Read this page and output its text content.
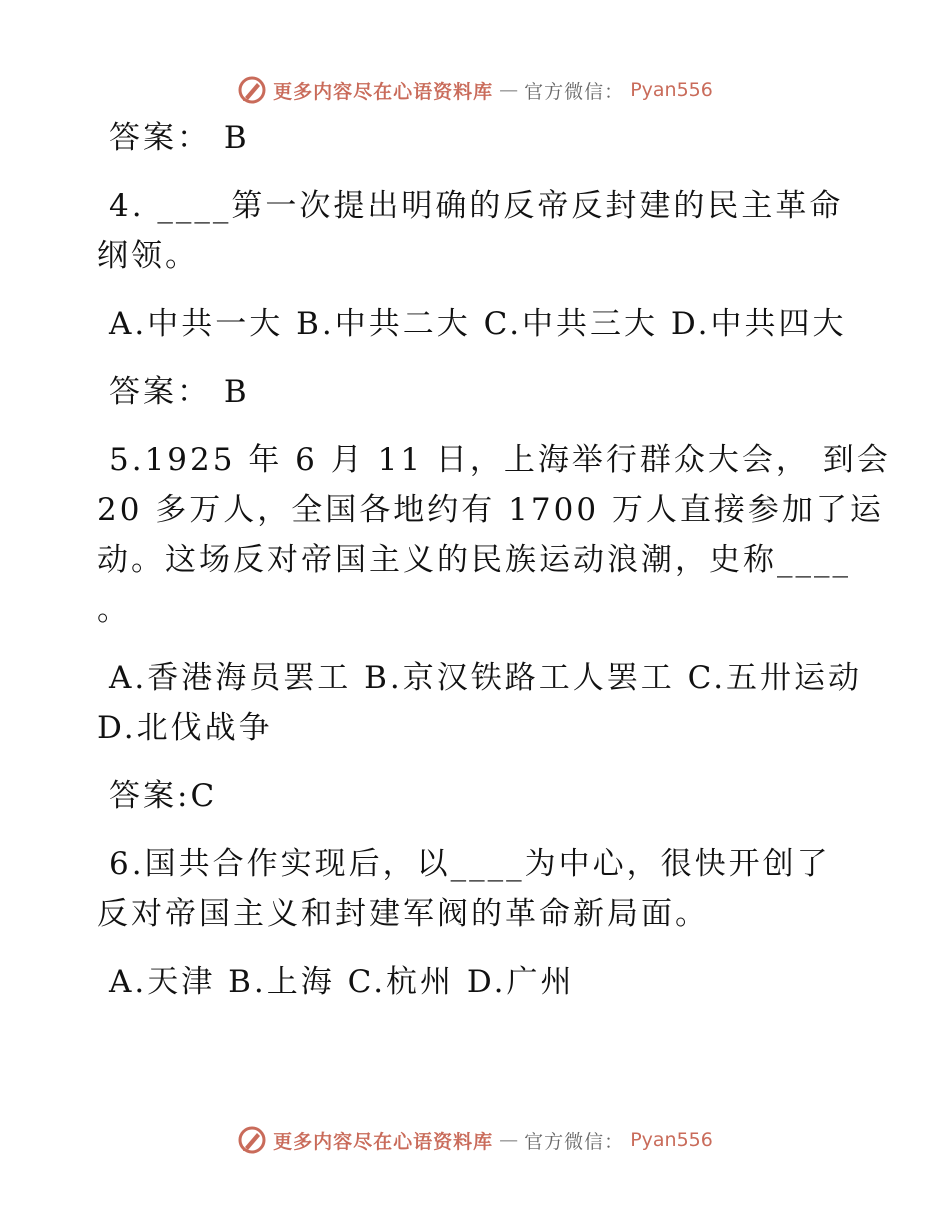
更多内容尽在心语资料库 — 官方微信： Pyan556

答案： B

4. ____第一次提出明确的反帝反封建的民主革命

纲领。

A.中共一大 B.中共二大 C.中共三大 D.中共四大

答案： B

5.1925 年 6 月 11 日，上海举行群众大会， 到会

20 多万人，全国各地约有 1700 万人直接参加了运

动。这场反对帝国主义的民族运动浪潮，史称____

。

A.香港海员罢工 B.京汉铁路工人罢工 C.五卅运动

D.北伐战争

答案:C

6.国共合作实现后，以____为中心，很快开创了

反对帝国主义和封建军阀的革命新局面。

A.天津 B.上海 C.杭州 D.广州

更多内容尽在心语资料库 — 官方微信： Pyan556
